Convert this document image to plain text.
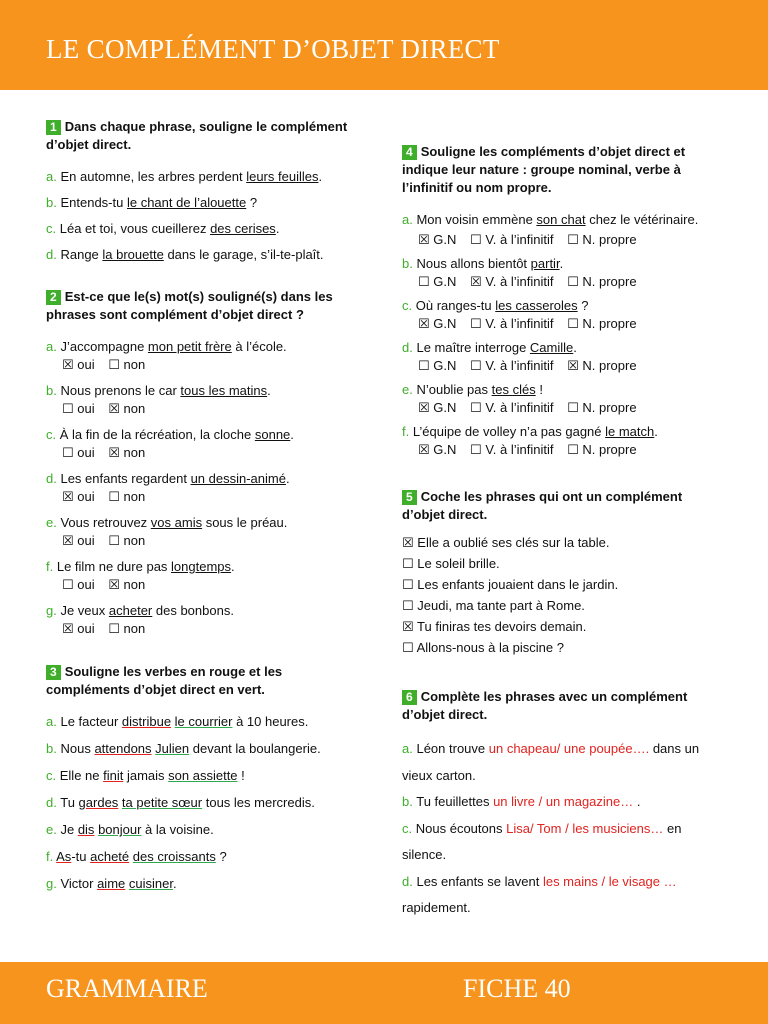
LE COMPLÉMENT D’OBJET DIRECT
1 Dans chaque phrase, souligne le complément d’objet direct.
a. En automne, les arbres perdent leurs feuilles.
b. Entends-tu le chant de l’alouette ?
c. Léa et toi, vous cueillerez des cerises.
d. Range la brouette dans le garage, s’il-te-plaît.
2 Est-ce que le(s) mot(s) souligné(s) dans les phrases sont complément d’objet direct ?
a. J’accompagne mon petit frère à l’école.
☒ oui ☐ non
b. Nous prenons le car tous les matins.
☐ oui ☒ non
c. À la fin de la récréation, la cloche sonne.
☐ oui ☒ non
d. Les enfants regardent un dessin-animé.
☒ oui ☐ non
e. Vous retrouvez vos amis sous le préau.
☒ oui ☐ non
f. Le film ne dure pas longtemps.
☐ oui ☒ non
g. Je veux acheter des bonbons.
☒ oui ☐ non
3 Souligne les verbes en rouge et les compléments d’objet direct en vert.
a. Le facteur distribue le courrier à 10 heures.
b. Nous attendons Julien devant la boulangerie.
c. Elle ne finit jamais son assiette !
d. Tu gardes ta petite sœur tous les mercredis.
e. Je dis bonjour à la voisine.
f. As-tu acheté des croissants ?
g. Victor aime cuisiner.
4 Souligne les compléments d’objet direct et indique leur nature : groupe nominal, verbe à l’infinitif ou nom propre.
a. Mon voisin emmène son chat chez le vétérinaire.
☒ G.N ☐ V. à l’infinitif ☐ N. propre
b. Nous allons bientôt partir.
☐ G.N ☒ V. à l’infinitif ☐ N. propre
c. Où ranges-tu les casseroles ?
☒ G.N ☐ V. à l’infinitif ☐ N. propre
d. Le maître interroge Camille.
☐ G.N ☐ V. à l’infinitif ☒ N. propre
e. N’oublie pas tes clés !
☒ G.N ☐ V. à l’infinitif ☐ N. propre
f. L’équipe de volley n’a pas gagné le match.
☒ G.N ☐ V. à l’infinitif ☐ N. propre
5 Coche les phrases qui ont un complément d’objet direct.
☒ Elle a oublié ses clés sur la table.
☐ Le soleil brille.
☐ Les enfants jouaient dans le jardin.
☐ Jeudi, ma tante part à Rome.
☒ Tu finiras tes devoirs demain.
☐ Allons-nous à la piscine ?
6 Complète les phrases avec un complément d’objet direct.
a. Léon trouve un chapeau/ une poupée…. dans un vieux carton.
b. Tu feuillettes un livre / un magazine… .
c. Nous écoutons Lisa/ Tom / les musiciens… en silence.
d. Les enfants se lavent les mains / le visage … rapidement.
GRAMMAIRE	FICHE 40
